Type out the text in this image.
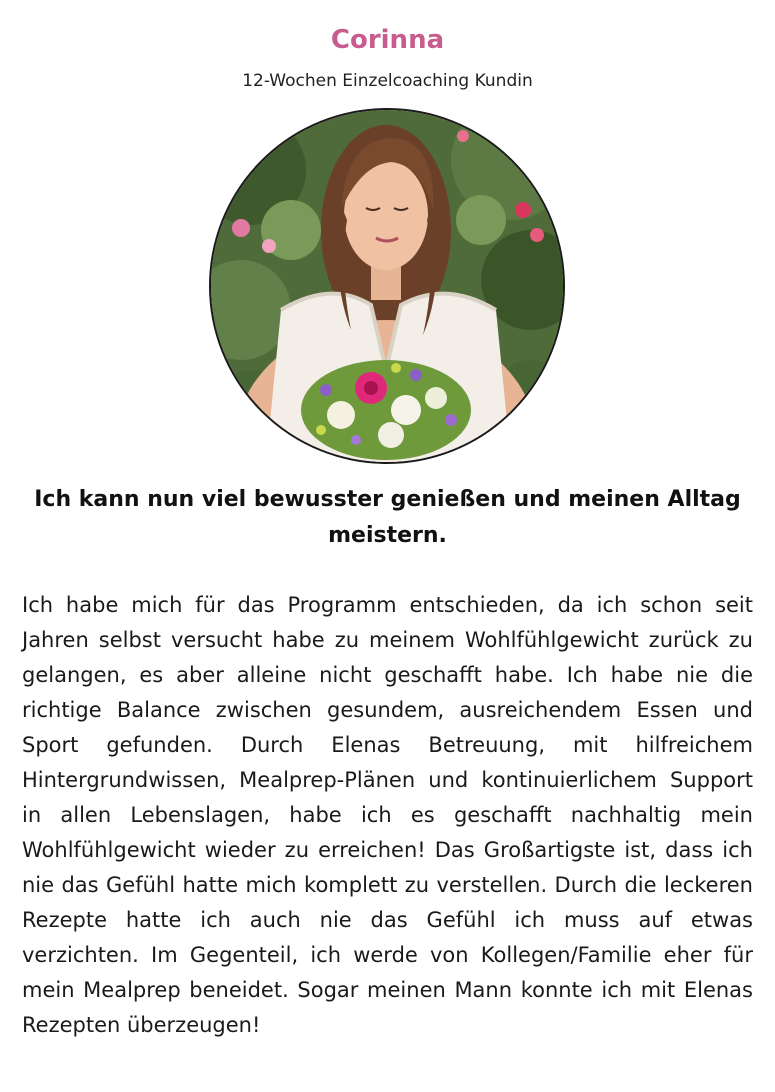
Corinna
12-Wochen Einzelcoaching Kundin
Ich kann nun viel bewusster genießen und meinen Alltag meistern.

Ich habe mich für das Programm entschieden, da ich schon seit Jahren selbst versucht habe zu meinem Wohlfühlgewicht zurück zu gelangen, es aber alleine nicht geschafft habe. Ich habe nie die richtige Balance zwischen gesundem, ausreichendem Essen und Sport gefunden. Durch Elenas Betreuung, mit hilfreichem Hintergrundwissen, Mealprep-Plänen und kontinuierlichem Support in allen Lebenslagen, habe ich es geschafft nachhaltig mein Wohlfühlgewicht wieder zu erreichen! Das Großartigste ist, dass ich nie das Gefühl hatte mich komplett zu verstellen. Durch die leckeren Rezepte hatte ich auch nie das Gefühl ich muss auf etwas verzichten. Im Gegenteil, ich werde von Kollegen/Familie eher für mein Mealprep beneidet. Sogar meinen Mann konnte ich mit Elenas Rezepten überzeugen!
